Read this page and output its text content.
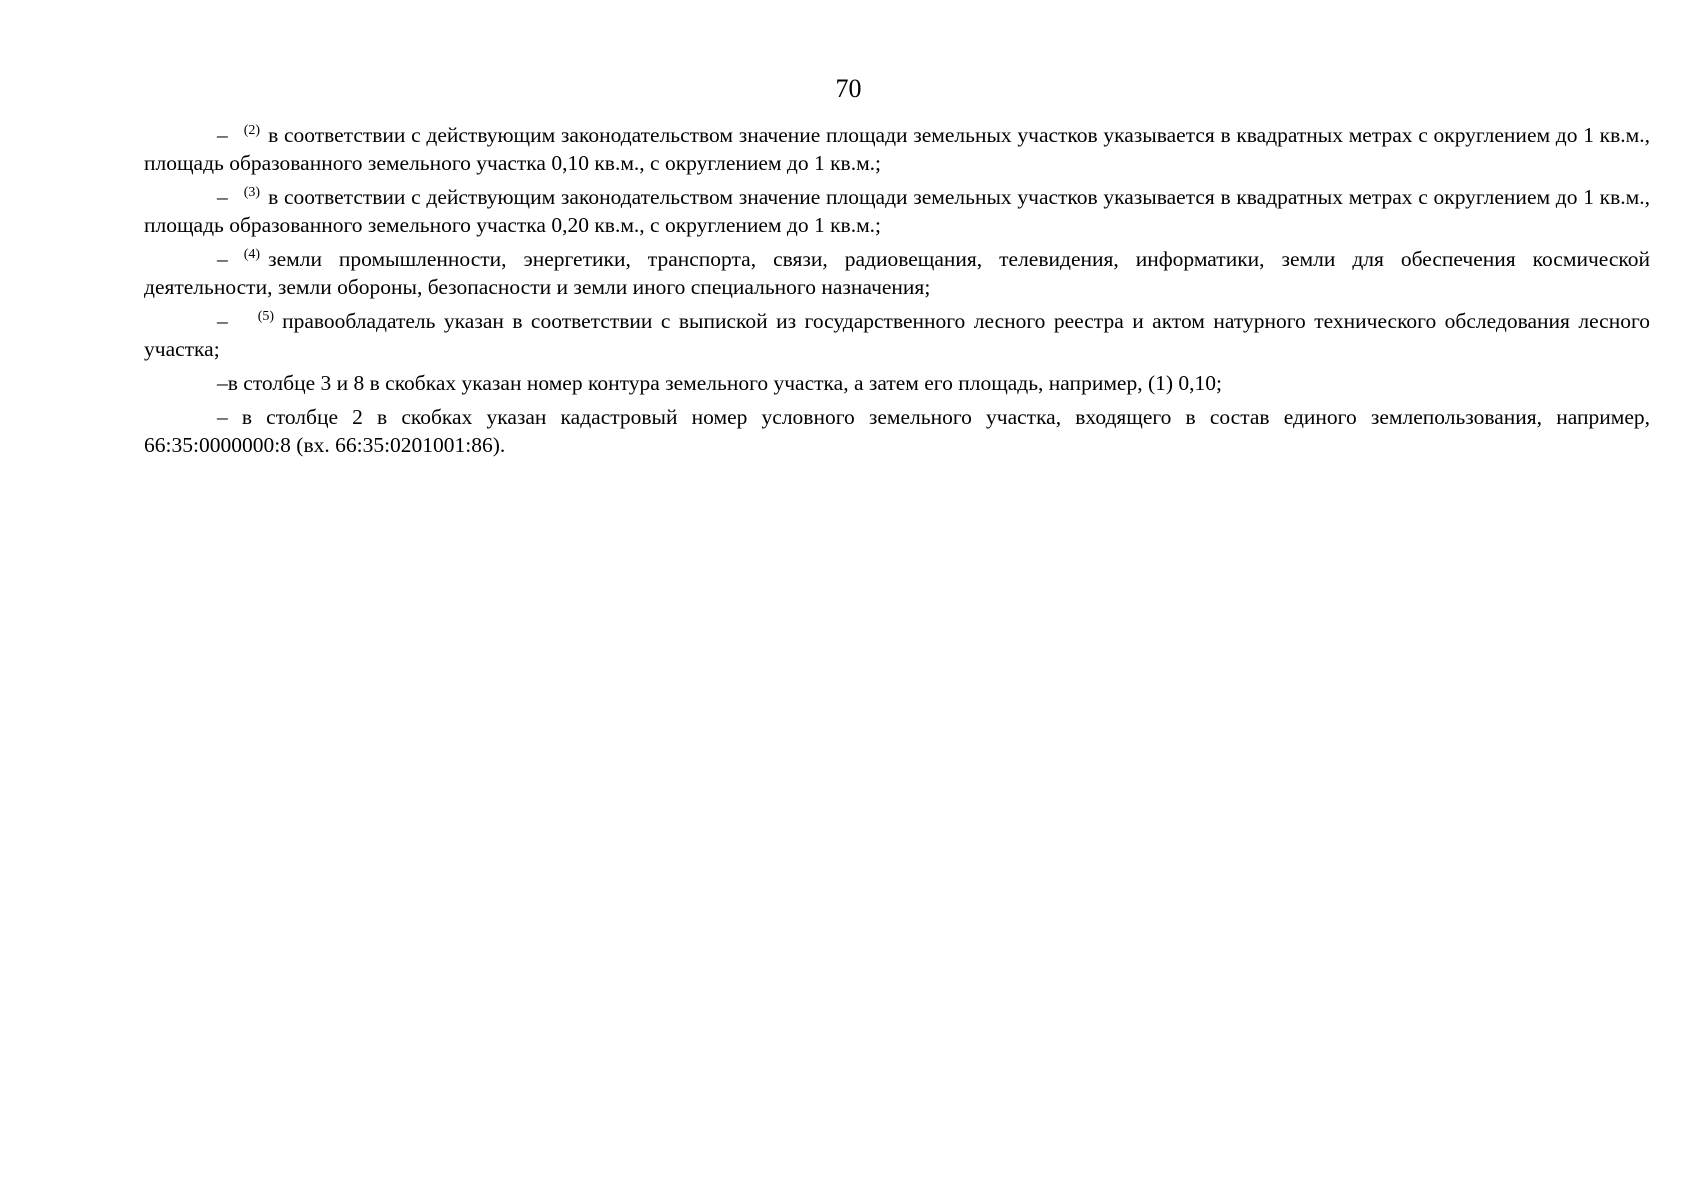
70

– $^{(2)}$ в соответствии с действующим законодательством значение площади земельных участков указывается в квадратных метрах с округлением до 1 кв.м., площадь образованного земельного участка 0,10 кв.м., с округлением до 1 кв.м.;

– $^{(3)}$ в соответствии с действующим законодательством значение площади земельных участков указывается в квадратных метрах с округлением до 1 кв.м., площадь образованного земельного участка 0,20 кв.м., с округлением до 1 кв.м.;

– $^{(4)}$ земли промышленности, энергетики, транспорта, связи, радиовещания, телевидения, информатики, земли для обеспечения космической деятельности, земли обороны, безопасности и земли иного специального назначения;

– $^{(5)}$ правообладатель указан в соответствии с выпиской из государственного лесного реестра и актом натурного технического обследования лесного участка;

–в столбце 3 и 8 в скобках указан номер контура земельного участка, а затем его площадь, например, (1) 0,10;

– в столбце 2 в скобках указан кадастровый номер условного земельного участка, входящего в состав единого землепользования, например, 66:35:0000000:8 (вх. 66:35:0201001:86).
